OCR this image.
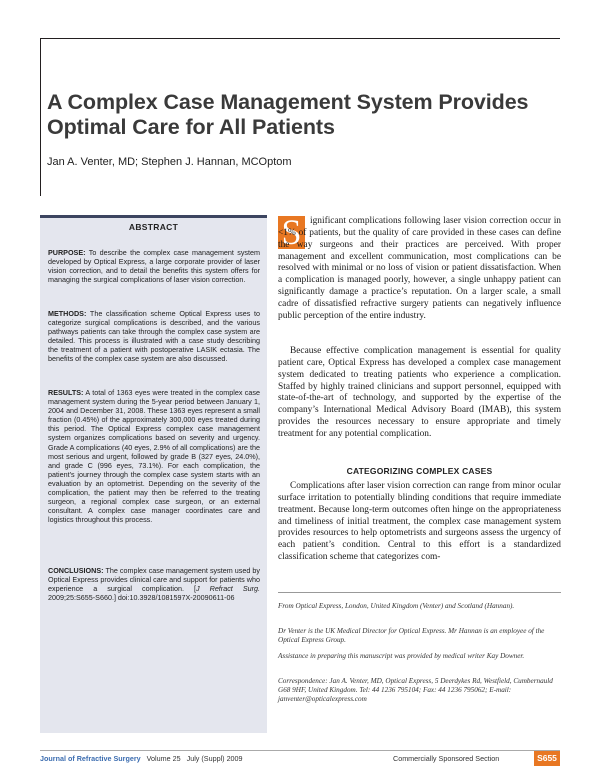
A Complex Case Management System Provides Optimal Care for All Patients
Jan A. Venter, MD; Stephen J. Hannan, MCOptom
ABSTRACT

PURPOSE: To describe the complex case management system developed by Optical Express, a large corporate provider of laser vision correction, and to detail the benefits this system offers for managing the surgical complications of laser vision correction.

METHODS: The classification scheme Optical Express uses to categorize surgical complications is described, and the various pathways patients can take through the complex case system are detailed. This process is illustrated with a case study describing the treatment of a patient with postoperative LASIK ectasia. The benefits of the complex case system are also discussed.

RESULTS: A total of 1363 eyes were treated in the complex case management system during the 5-year period between January 1, 2004 and December 31, 2008. These 1363 eyes represent a small fraction (0.45%) of the approximately 300,000 eyes treated during this period. The Optical Express complex case management system organizes complications based on severity and urgency. Grade A complications (40 eyes, 2.9% of all complications) are the most serious and urgent, followed by grade B (327 eyes, 24.0%), and grade C (996 eyes, 73.1%). For each complication, the patient’s journey through the complex case system starts with an evaluation by an optometrist. Depending on the severity of the complication, the patient may then be referred to the treating surgeon, a regional complex case surgeon, or an external consultant. A complex case manager coordinates care and logistics throughout this process.

CONCLUSIONS: The complex case management system used by Optical Express provides clinical care and support for patients who experience a surgical complication. [J Refract Surg. 2009;25:S655-S660.] doi:10.3928/1081597X-20090611-06

S ignificant complications following laser vision correction occur in <1% of patients, but the quality of care provided in these cases can define the way surgeons and their practices are perceived. With proper management and excellent communication, most complications can be resolved with minimal or no loss of vision or patient dissatisfaction. When a complication is managed poorly, however, a single unhappy patient can significantly damage a practice’s reputation. On a larger scale, a small cadre of dissatisfied refractive surgery patients can negatively influence public perception of the entire industry.

Because effective complication management is essential for quality patient care, Optical Express has developed a complex case management system dedicated to treating patients who experience a complication. Staffed by highly trained clinicians and support personnel, equipped with state-of-the-art of technology, and supported by the expertise of the company’s International Medical Advisory Board (IMAB), this system provides the resources necessary to ensure appropriate and timely treatment for any potential complication.

CATEGORIZING COMPLEX CASES

Complications after laser vision correction can range from minor ocular surface irritation to potentially blinding conditions that require immediate treatment. Because long-term outcomes often hinge on the appropriateness and timeliness of initial treatment, the complex case management system provides resources to help optometrists and surgeons assess the urgency of each patient’s condition. Central to this effort is a standardized classification scheme that categorizes com-

From Optical Express, London, United Kingdom (Venter) and Scotland (Hannan).

Dr Venter is the UK Medical Director for Optical Express. Mr Hannan is an employee of the Optical Express Group.

Assistance in preparing this manuscript was provided by medical writer Kay Downer.

Correspondence: Jan A. Venter, MD, Optical Express, 5 Deerdykes Rd, Westfield, Cumbernauld G68 9HF, United Kingdom. Tel: 44 1236 795104; Fax: 44 1236 795062; E-mail: janventer@opticalexpress.com

Journal of Refractive Surgery   Volume 25   July (Suppl) 2009	Commercially Sponsored Section	S655
